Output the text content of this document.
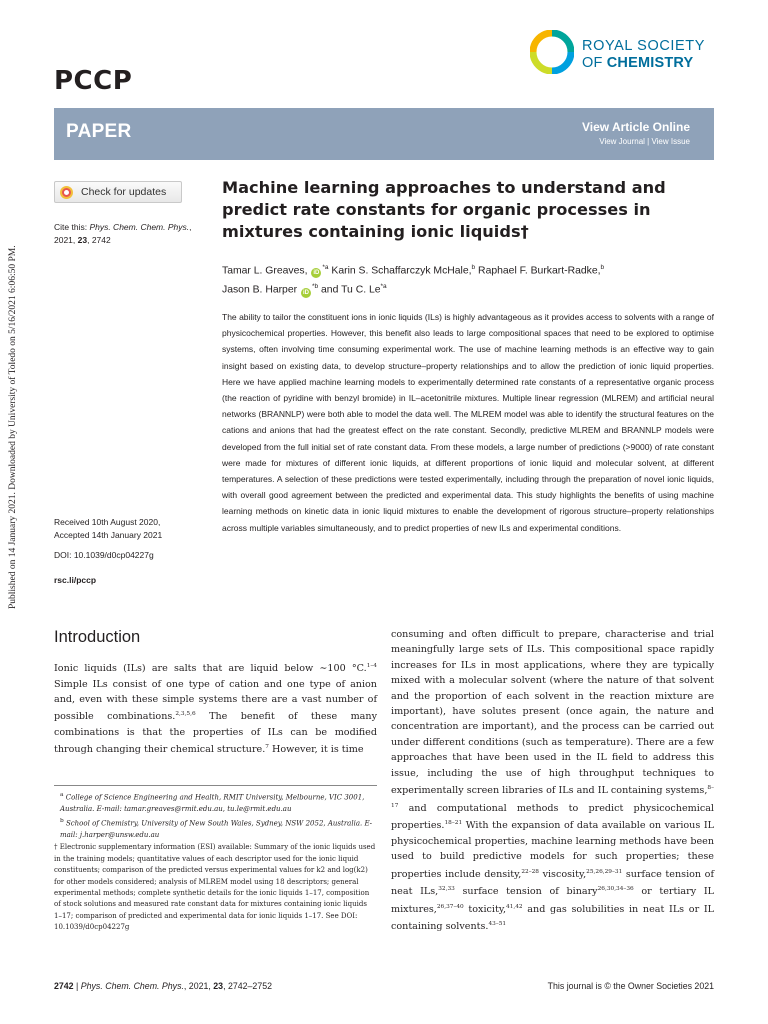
Published on 14 January 2021. Downloaded by University of Toledo on 5/16/2021 6:06:50 PM.
PCCP
ROYAL SOCIETY
OF CHEMISTRY
PAPER	View Article Online
View Journal | View Issue
Check for updates
Cite this: Phys. Chem. Chem. Phys., 2021, 23, 2742
Machine learning approaches to understand and predict rate constants for organic processes in mixtures containing ionic liquids†
Tamar L. Greaves, $iD^{*a}$ Karin S. Schaffarczyk McHale,$^b$ Raphael F. Burkart-Radke,$^b$
Jason B. Harper $iD^{*b}$ and Tu C. Le$^{*a}$
The ability to tailor the constituent ions in ionic liquids (ILs) is highly advantageous as it provides access to solvents with a range of physicochemical properties. However, this benefit also leads to large compositional spaces that need to be explored to optimise systems, often involving time consuming experimental work. The use of machine learning methods is an effective way to gain insight based on existing data, to develop structure–property relationships and to allow the prediction of ionic liquid properties. Here we have applied machine learning models to experimentally determined rate constants of a representative organic process (the reaction of pyridine with benzyl bromide) in IL–acetonitrile mixtures. Multiple linear regression (MLREM) and artificial neural networks (BRANNLP) were both able to model the data well. The MLREM model was able to identify the structural features on the cations and anions that had the greatest effect on the rate constant. Secondly, predictive MLREM and BRANNLP models were developed from the full initial set of rate constant data. From these models, a large number of predictions (>9000) of rate constant were made for mixtures of different ionic liquids, at different proportions of ionic liquid and molecular solvent, at different temperatures. A selection of these predictions were tested experimentally, including through the preparation of novel ionic liquids, with overall good agreement between the predicted and experimental data. This study highlights the benefits of using machine learning methods on kinetic data in ionic liquid mixtures to enable the development of rigorous structure–property relationships across multiple variables simultaneously, and to predict properties of new ILs and experimental conditions.
Received 10th August 2020,
Accepted 14th January 2021
DOI: 10.1039/d0cp04227g
rsc.li/pccp
Introduction

Ionic liquids (ILs) are salts that are liquid below ∼100 °C.$^{1-4}$ Simple ILs consist of one type of cation and one type of anion and, even with these simple systems there are a vast number of possible combinations.$^{2,3,5,6}$ The benefit of these many combinations is that the properties of ILs can be modified through changing their chemical structure.$^7$ However, it is time

$^a$ College of Science Engineering and Health, RMIT University, Melbourne, VIC 3001, Australia. E-mail: tamar.greaves@rmit.edu.au, tu.le@rmit.edu.au

$^b$ School of Chemistry, University of New South Wales, Sydney, NSW 2052, Australia. E-mail: j.harper@unsw.edu.au

† Electronic supplementary information (ESI) available: Summary of the ionic liquids used in the training models; quantitative values of each descriptor used for the ionic liquid constituents; comparison of the predicted versus experimental values for k2 and log(k2) for other models considered; analysis of MLREM model using 18 descriptors; general experimental methods; complete synthetic details for the ionic liquids 1–17, composition of stock solutions and measured rate constant data for mixtures containing ionic liquids 1–17; comparison of predicted and experimental data for ionic liquids 1–17. See DOI: 10.1039/d0cp04227g

consuming and often difficult to prepare, characterise and trial meaningfully large sets of ILs. This compositional space rapidly increases for ILs in most applications, where they are typically mixed with a molecular solvent (where the nature of that solvent and the proportion of each solvent in the reaction mixture are important), have solutes present (once again, the nature and concentration are important), and the process can be carried out under different conditions (such as temperature). There are a few approaches that have been used in the IL field to address this issue, including the use of high throughput techniques to experimentally screen libraries of ILs and IL containing systems,$^{8-17}$ and computational methods to predict physicochemical properties.$^{18-21}$ With the expansion of data available on various IL physicochemical properties, machine learning methods have been used to build predictive models for such properties; these properties include density,$^{22-28}$ viscosity,$^{25,26,29-31}$ surface tension of neat ILs,$^{32,33}$ surface tension of binary$^{26,30,34-36}$ or tertiary IL mixtures,$^{26,37-40}$ toxicity,$^{41,42}$ and gas solubilities in neat ILs or IL containing solvents.$^{43-51}$

2742 | Phys. Chem. Chem. Phys., 2021, 23, 2742–2752	This journal is © the Owner Societies 2021
